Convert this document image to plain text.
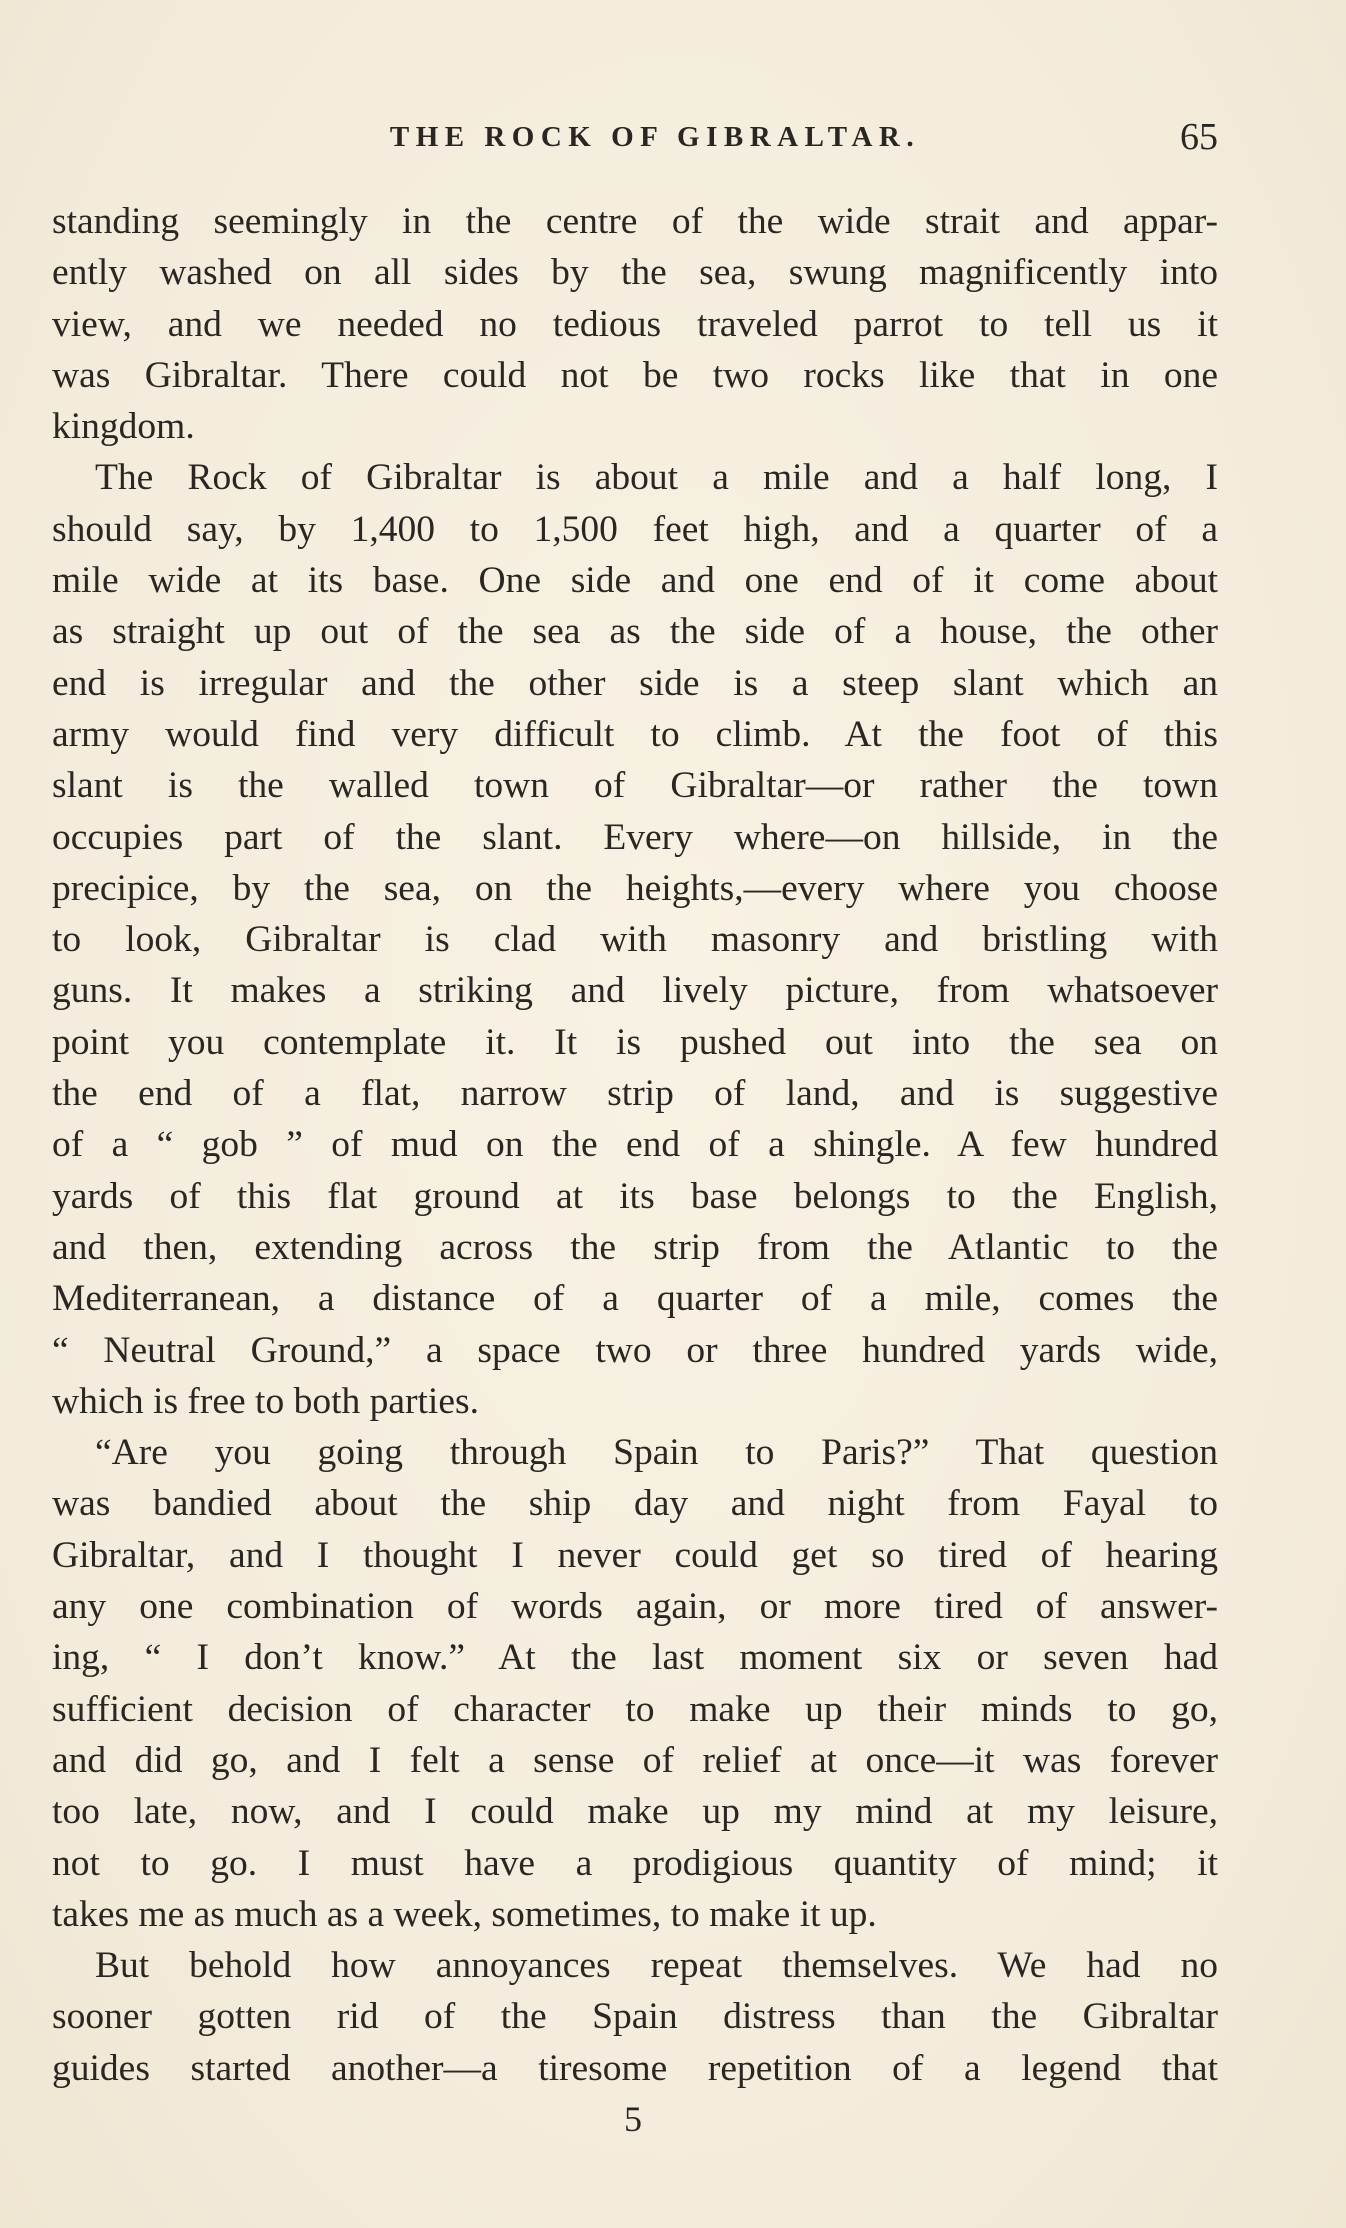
THE ROCK OF GIBRALTAR.	65
standing seemingly in the centre of the wide strait and appar-
ently washed on all sides by the sea, swung magnificently into
view, and we needed no tedious traveled parrot to tell us it
was Gibraltar. There could not be two rocks like that in one
kingdom.
The Rock of Gibraltar is about a mile and a half long, I
should say, by 1,400 to 1,500 feet high, and a quarter of a
mile wide at its base. One side and one end of it come about
as straight up out of the sea as the side of a house, the other
end is irregular and the other side is a steep slant which an
army would find very difficult to climb. At the foot of this
slant is the walled town of Gibraltar—or rather the town
occupies part of the slant. Every where—on hillside, in the
precipice, by the sea, on the heights,—every where you choose
to look, Gibraltar is clad with masonry and bristling with
guns. It makes a striking and lively picture, from whatsoever
point you contemplate it. It is pushed out into the sea on
the end of a flat, narrow strip of land, and is suggestive
of a “ gob ” of mud on the end of a shingle. A few hundred
yards of this flat ground at its base belongs to the English,
and then, extending across the strip from the Atlantic to the
Mediterranean, a distance of a quarter of a mile, comes the
“ Neutral Ground,” a space two or three hundred yards wide,
which is free to both parties.
“Are you going through Spain to Paris?” That question
was bandied about the ship day and night from Fayal to
Gibraltar, and I thought I never could get so tired of hearing
any one combination of words again, or more tired of answer-
ing, “ I don’t know.” At the last moment six or seven had
sufficient decision of character to make up their minds to go,
and did go, and I felt a sense of relief at once—it was forever
too late, now, and I could make up my mind at my leisure,
not to go. I must have a prodigious quantity of mind; it
takes me as much as a week, sometimes, to make it up.
But behold how annoyances repeat themselves. We had no
sooner gotten rid of the Spain distress than the Gibraltar
guides started another—a tiresome repetition of a legend that
5
